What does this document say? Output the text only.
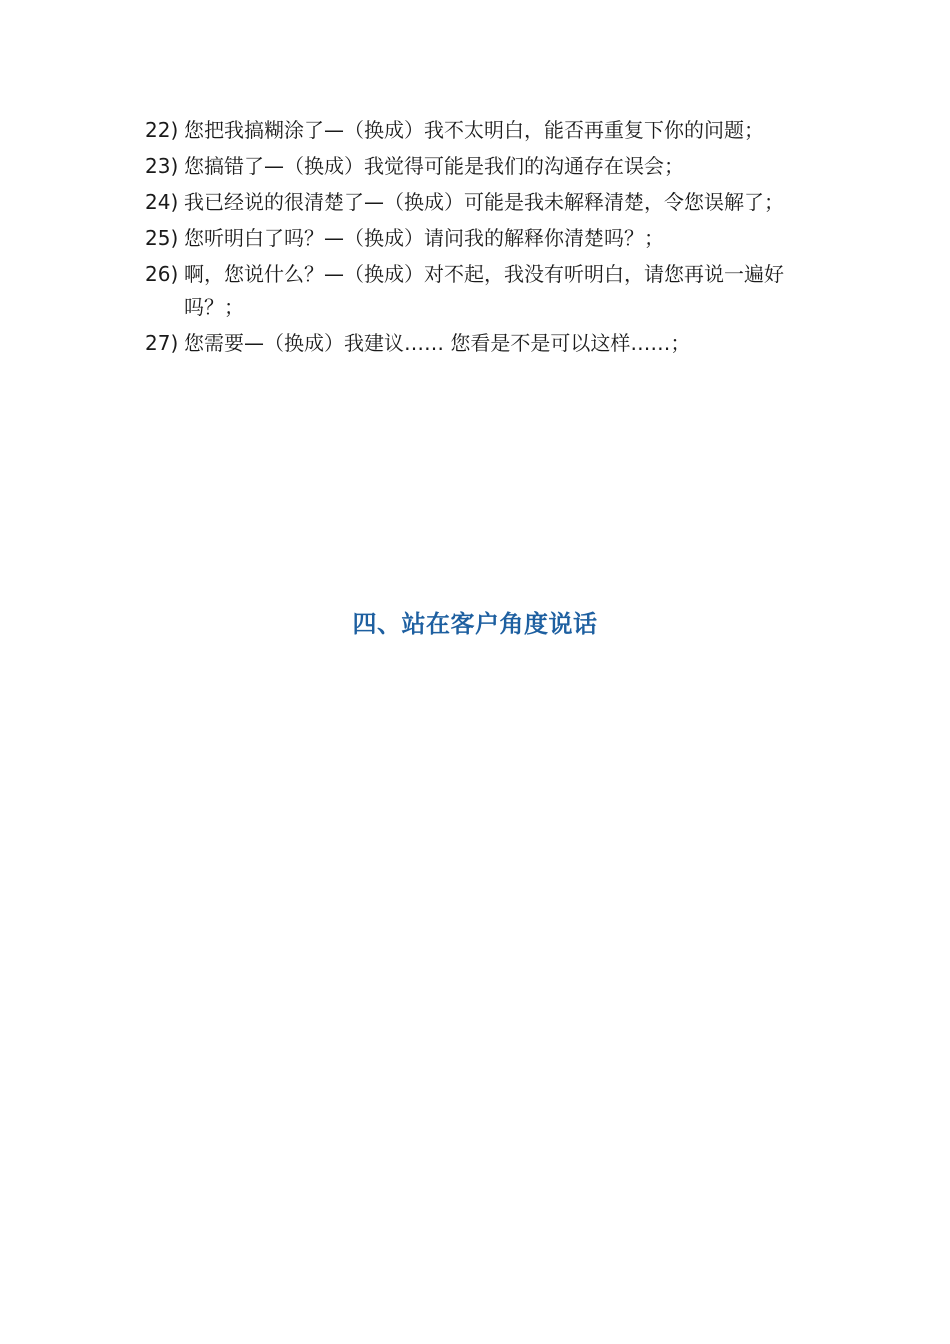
22) 您把我搞糊涂了—（换成）我不太明白，能否再重复下你的问题；
23) 您搞错了—（换成）我觉得可能是我们的沟通存在误会；
24) 我已经说的很清楚了—（换成）可能是我未解释清楚，令您误解了；
25) 您听明白了吗？—（换成）请问我的解释你清楚吗？；
26) 啊，您说什么？—（换成）对不起，我没有听明白，请您再说一遍好吗？；
27) 您需要—（换成）我建议…… 您看是不是可以这样……；
四、站在客户角度说话
